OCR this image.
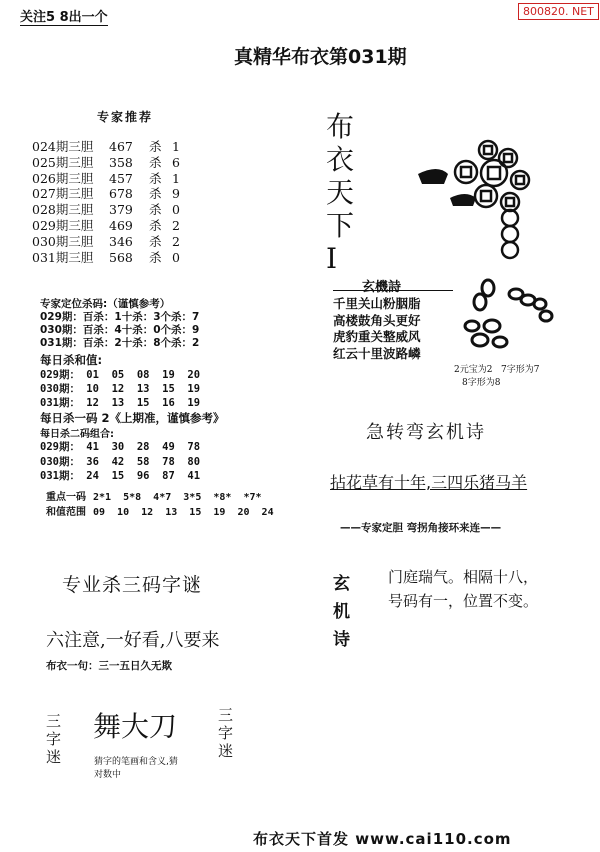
关注5 8出一个	800820. NET
真精华布衣第031期
专家推荐
024期三胆 467 杀 1
025期三胆 358 杀 6
026期三胆 457 杀 1
027期三胆 678 杀 9
028期三胆 379 杀 0
029期三胆 469 杀 2
030期三胆 346 杀 2
031期三胆 568 杀 0
专家定位杀码:（谨慎参考）
029期：百杀：1十杀：3个杀：7
030期：百杀：4十杀：0个杀：9
031期：百杀：2十杀：8个杀：2
每日杀和值:
029期： 01  05  08  19  20
030期： 10  12  13  15  19
031期： 12  13  15  16  19
每日杀一码 2《上期准，谨慎参考》
每日杀二码组合:
029期： 41  30  28  49  78
030期： 36  42  58  78  80
031期： 24  15  96  87  41
重点一码 2*1  5*8  4*7  3*5  *8*  *7*
和值范围 09  10  12  13  15  19  20  24
专业杀三码字谜
六注意,一好看,八要来
布衣一句：三一五日久无欺
三
字
迷
三
字
迷
舞大刀
猜字的笔画和含义,猜
对数中
布
衣
天
下
I
玄機詩
千里关山粉胭脂
高楼鼓角头更好
虎豹重关整威风
红云十里波路嶙
2元宝为2   7字形为7
8字形为8
急转弯玄机诗
拈花草有十年,三四乐猪马羊
——专家定胆 弯拐角接环来连——
玄
机
诗
门庭瑞气。相隔十八，
号码有一，位置不变。
布衣天下首发 www.cai110.com
